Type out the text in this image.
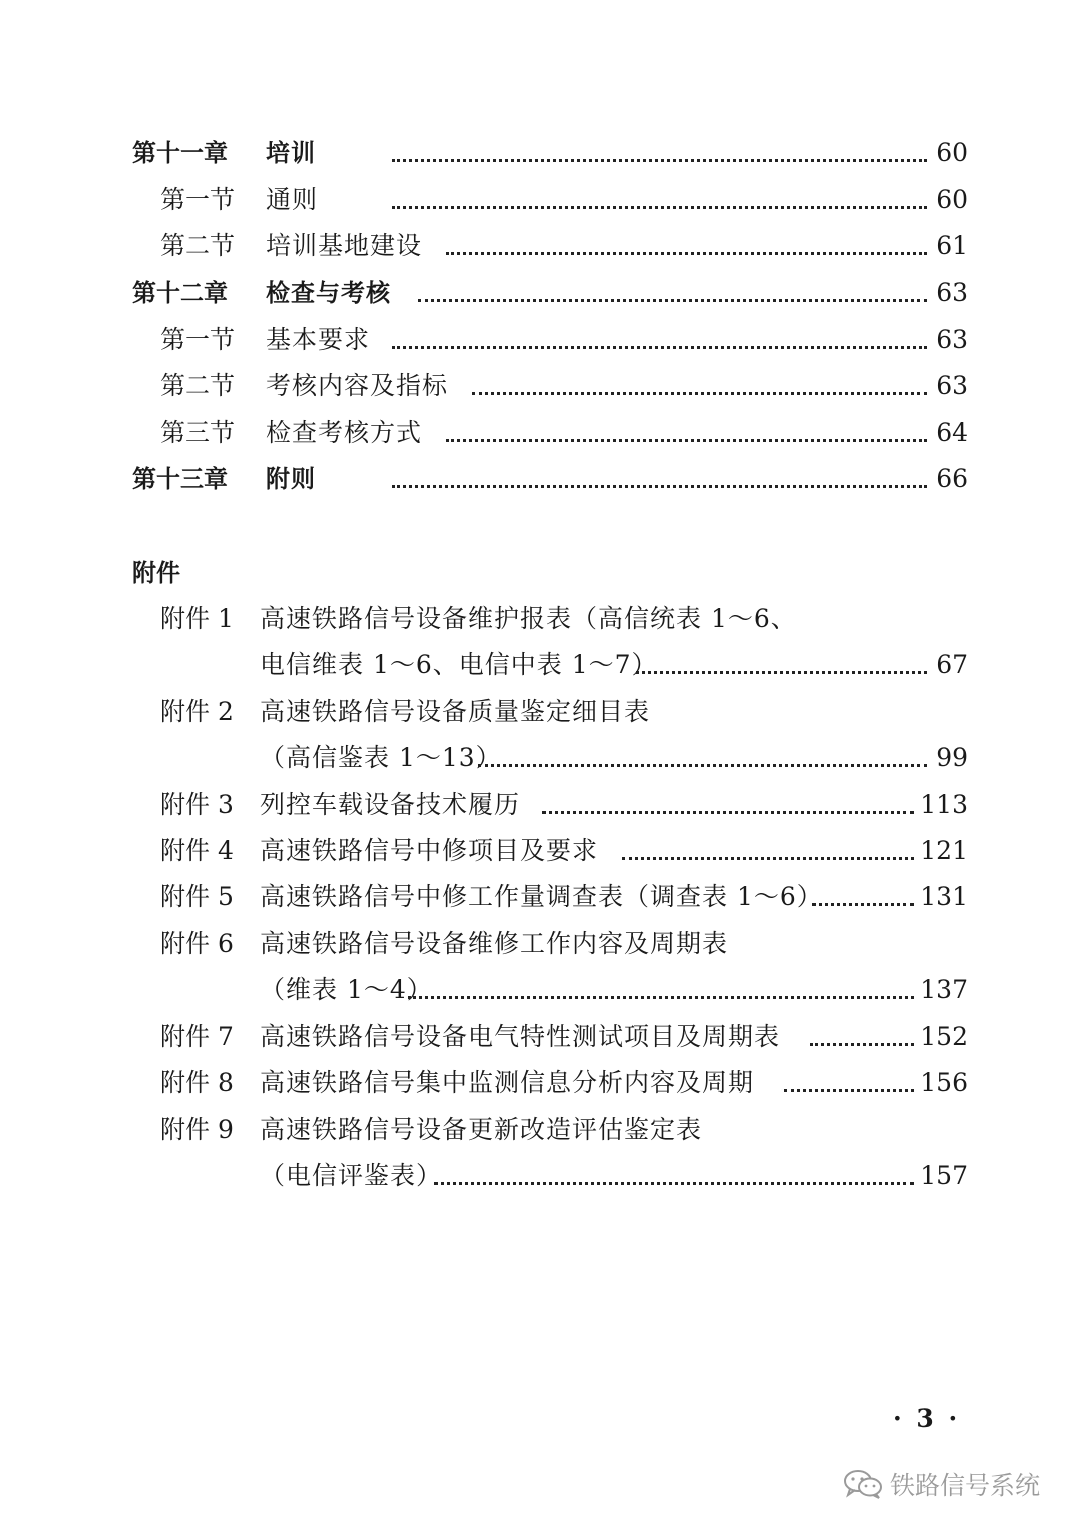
第十一章 培训	60
第一节 通则	60
第二节 培训基地建设	61
第十二章 检查与考核	63
第一节 基本要求	63
第二节 考核内容及指标	63
第三节 检查考核方式	64
第十三章 附则	66
附件
附件 1 高速铁路信号设备维护报表（高信统表 1～6、
电信维表 1～6、电信中表 1～7）	67
附件 2 高速铁路信号设备质量鉴定细目表
（高信鉴表 1～13）	99
附件 3 列控车载设备技术履历	113
附件 4 高速铁路信号中修项目及要求	121
附件 5 高速铁路信号中修工作量调查表（调查表 1～6）	131
附件 6 高速铁路信号设备维修工作内容及周期表
（维表 1～4）	137
附件 7 高速铁路信号设备电气特性测试项目及周期表	152
附件 8 高速铁路信号集中监测信息分析内容及周期	156
附件 9 高速铁路信号设备更新改造评估鉴定表
（电信评鉴表）	157
· 3 ·
铁路信号系统
